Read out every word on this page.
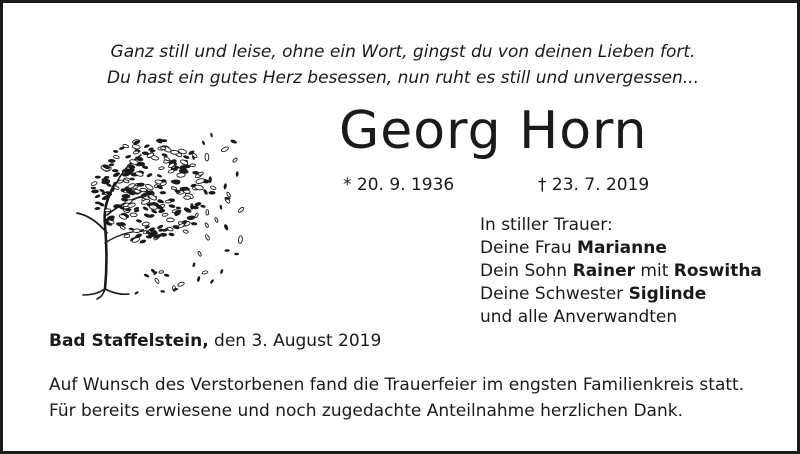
Ganz still und leise, ohne ein Wort, gingst du von deinen Lieben fort.
Du hast ein gutes Herz besessen, nun ruht es still und unvergessen...
Georg Horn
* 20. 9. 1936	† 23. 7. 2019
In stiller Trauer:
Deine Frau Marianne
Dein Sohn Rainer mit Roswitha
Deine Schwester Siglinde
und alle Anverwandten
Bad Staffelstein, den 3. August 2019
Auf Wunsch des Verstorbenen fand die Trauerfeier im engsten Familienkreis statt.
Für bereits erwiesene und noch zugedachte Anteilnahme herzlichen Dank.
